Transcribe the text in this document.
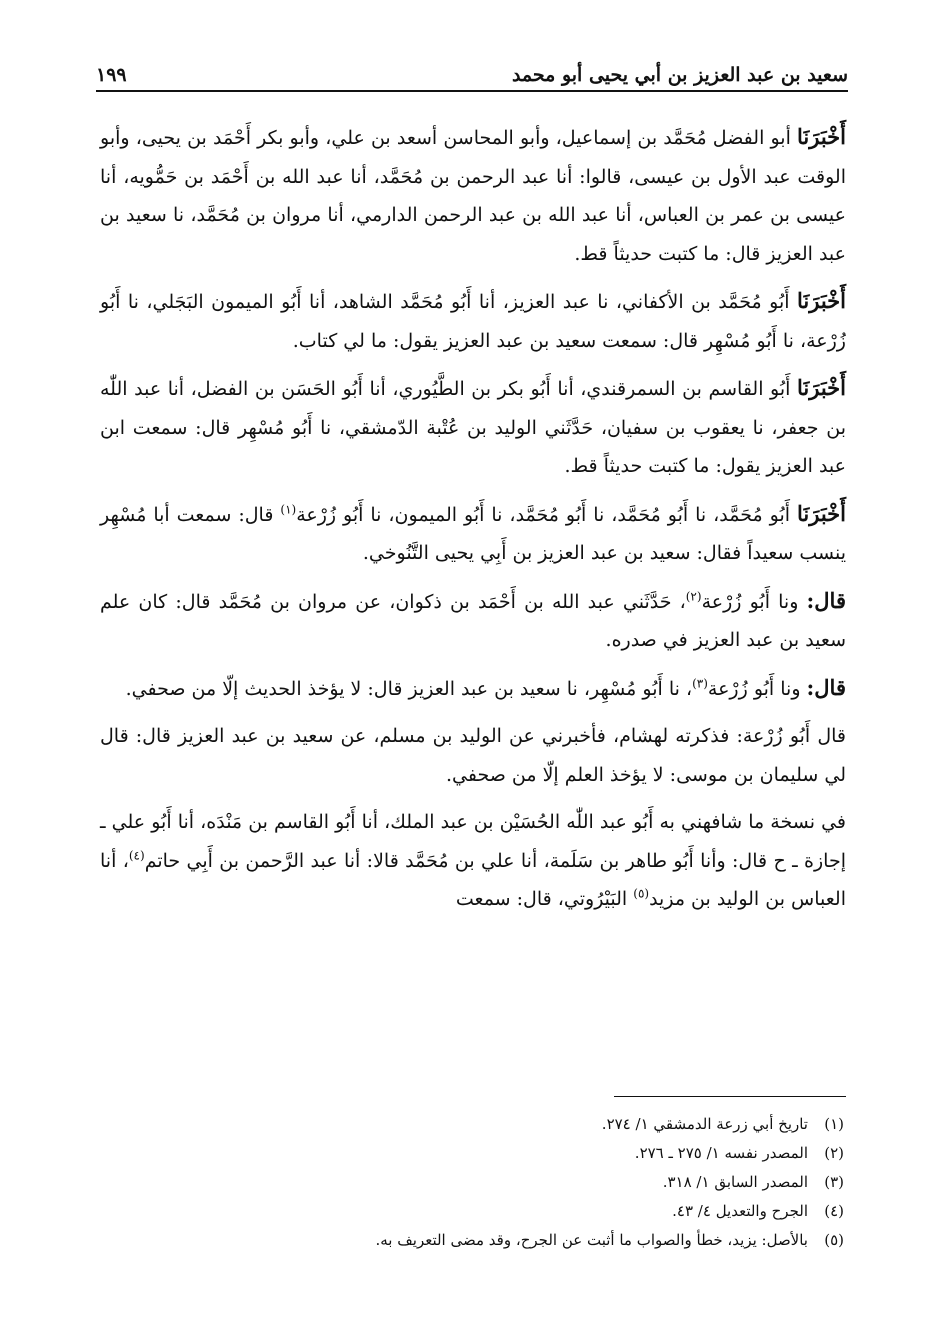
سعيد بن عبد العزيز بن أبي يحيى أبو محمد
١٩٩

أَخْبَرَنَا أبو الفضل مُحَمَّد بن إسماعيل، وأبو المحاسن أسعد بن علي، وأبو بكر أَحْمَد بن يحيى، وأبو الوقت عبد الأول بن عيسى، قالوا: أنا عبد الرحمن بن مُحَمَّد، أنا عبد الله بن أَحْمَد بن حَمُّويه، أنا عيسى بن عمر بن العباس، أنا عبد الله بن عبد الرحمن الدارمي، أنا مروان بن مُحَمَّد، نا سعيد بن عبد العزيز قال: ما كتبت حديثاً قط.

أَخْبَرَنَا أَبُو مُحَمَّد بن الأكفاني، نا عبد العزيز، أنا أَبُو مُحَمَّد الشاهد، أنا أَبُو الميمون البَجَلي، نا أَبُو زُرْعة، نا أَبُو مُسْهِر قال: سمعت سعيد بن عبد العزيز يقول: ما لي كتاب.

أَخْبَرَنَا أَبُو القاسم بن السمرقندي، أنا أَبُو بكر بن الطَّيُوري، أنا أَبُو الحَسَن بن الفضل، أنا عبد اللّٰه بن جعفر، نا يعقوب بن سفيان، حَدَّثَني الوليد بن عُتْبة الدّمشقي، نا أَبُو مُسْهِر قال: سمعت ابن عبد العزيز يقول: ما كتبت حديثاً قط.

أَخْبَرَنَا أَبُو مُحَمَّد، نا أَبُو مُحَمَّد، نا أَبُو مُحَمَّد، نا أَبُو الميمون، نا أَبُو زُرْعة$^{(١)}$ قال: سمعت أبا مُسْهِر ينسب سعيداً فقال: سعيد بن عبد العزيز بن أَبِي يحيى التَّنُوخي.

قال: ونا أَبُو زُرْعة$^{(٢)}$، حَدَّثَني عبد الله بن أَحْمَد بن ذكوان، عن مروان بن مُحَمَّد قال: كان علم سعيد بن عبد العزيز في صدره.

قال: ونا أَبُو زُرْعة$^{(٣)}$، نا أَبُو مُسْهِر، نا سعيد بن عبد العزيز قال: لا يؤخذ الحديث إلّا من صحفي.

قال أَبُو زُرْعة: فذكرته لهشام، فأخبرني عن الوليد بن مسلم، عن سعيد بن عبد العزيز قال: قال لي سليمان بن موسى: لا يؤخذ العلم إلّا من صحفي.

في نسخة ما شافهني به أَبُو عبد اللّٰه الحُسَيْن بن عبد الملك، أنا أَبُو القاسم بن مَنْدَه، أنا أَبُو علي ـ إجازة ـ ح قال: وأنا أَبُو طاهر بن سَلَمة، أنا علي بن مُحَمَّد قالا: أنا عبد الرَّحمن بن أَبِي حاتم$^{(٤)}$، أنا العباس بن الوليد بن مزيد$^{(٥)}$ البَيْرُوتي، قال: سمعت

(١)
تاريخ أبي زرعة الدمشقي ١/ ٢٧٤.
(٢)
المصدر نفسه ١/ ٢٧٥ ـ ٢٧٦.
(٣)
المصدر السابق ١/ ٣١٨.
(٤)
الجرح والتعديل ٤/ ٤٣.
(٥)
بالأصل: يزيد، خطأ والصواب ما أثبت عن الجرح، وقد مضى التعريف به.
